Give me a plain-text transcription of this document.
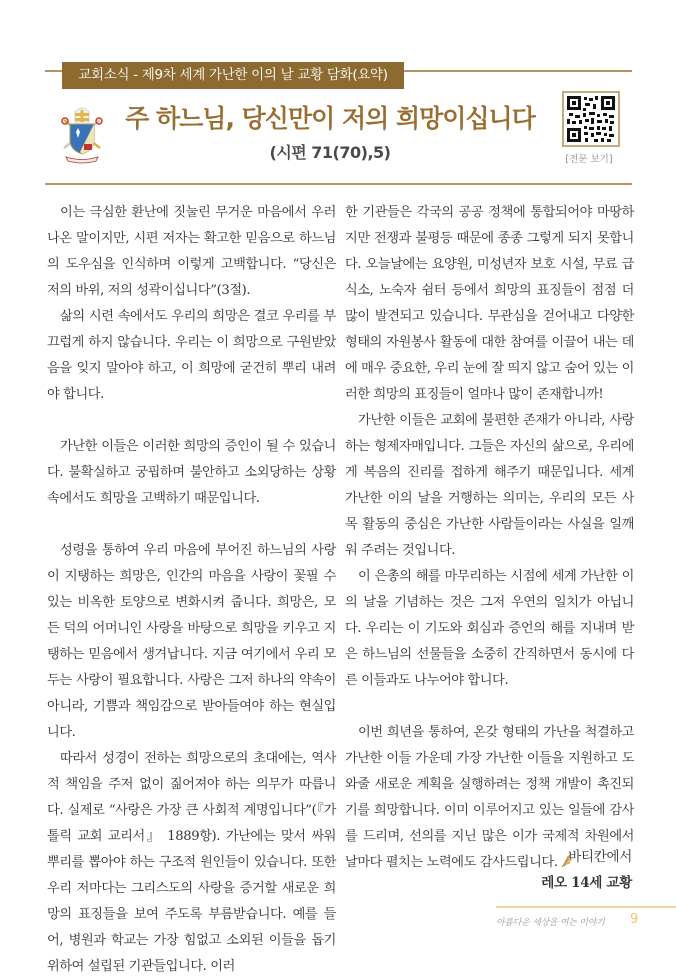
교회소식 - 제9차 세계 가난한 이의 날 교황 담화(요약)
주 하느님, 당신만이 저의 희망이십니다
(시편 71(70),5)	[전문 보기]

이는 극심한 환난에 짓눌린 무거운 마음에서 우러나온 말이지만, 시편 저자는 확고한 믿음으로 하느님의 도우심을 인식하며 이렇게 고백합니다. “당신은 저의 바위, 저의 성곽이십니다”(3절).

삶의 시련 속에서도 우리의 희망은 결코 우리를 부끄럽게 하지 않습니다. 우리는 이 희망으로 구원받았음을 잊지 말아야 하고, 이 희망에 굳건히 뿌리 내려야 합니다.

가난한 이들은 이러한 희망의 증인이 될 수 있습니다. 불확실하고 궁핍하며 불안하고 소외당하는 상황 속에서도 희망을 고백하기 때문입니다.

성령을 통하여 우리 마음에 부어진 하느님의 사랑이 지탱하는 희망은, 인간의 마음을 사랑이 꽃필 수 있는 비옥한 토양으로 변화시켜 줍니다. 희망은, 모든 덕의 어머니인 사랑을 바탕으로 희망을 키우고 지탱하는 믿음에서 생겨납니다. 지금 여기에서 우리 모두는 사랑이 필요합니다. 사랑은 그저 하나의 약속이 아니라, 기쁨과 책임감으로 받아들여야 하는 현실입니다.

따라서 성경이 전하는 희망으로의 초대에는, 역사적 책임을 주저 없이 짊어져야 하는 의무가 따릅니다. 실제로 “사랑은 가장 큰 사회적 계명입니다”(『가톨릭 교회 교리서』 1889항). 가난에는 맞서 싸워 뿌리를 뽑아야 하는 구조적 원인들이 있습니다. 또한 우리 저마다는 그리스도의 사랑을 증거할 새로운 희망의 표징들을 보여 주도록 부름받습니다. 예를 들어, 병원과 학교는 가장 힘없고 소외된 이들을 돕기 위하여 설립된 기관들입니다. 이러

한 기관들은 각국의 공공 정책에 통합되어야 마땅하지만 전쟁과 불평등 때문에 종종 그렇게 되지 못합니다. 오늘날에는 요양원, 미성년자 보호 시설, 무료 급식소, 노숙자 쉼터 등에서 희망의 표징들이 점점 더 많이 발견되고 있습니다. 무관심을 걷어내고 다양한 형태의 자원봉사 활동에 대한 참여를 이끌어 내는 데에 매우 중요한, 우리 눈에 잘 띄지 않고 숨어 있는 이러한 희망의 표징들이 얼마나 많이 존재합니까!

가난한 이들은 교회에 불편한 존재가 아니라, 사랑하는 형제자매입니다. 그들은 자신의 삶으로, 우리에게 복음의 진리를 접하게 해주기 때문입니다. 세계 가난한 이의 날을 거행하는 의미는, 우리의 모든 사목 활동의 중심은 가난한 사람들이라는 사실을 일깨워 주려는 것입니다.

이 은총의 해를 마무리하는 시점에 세계 가난한 이의 날을 기념하는 것은 그저 우연의 일치가 아닙니다. 우리는 이 기도와 회심과 증언의 해를 지내며 받은 하느님의 선물들을 소중히 간직하면서 동시에 다른 이들과도 나누어야 합니다.

이번 희년을 통하여, 온갖 형태의 가난을 척결하고 가난한 이들 가운데 가장 가난한 이들을 지원하고 도와줄 새로운 계획을 실행하려는 정책 개발이 촉진되기를 희망합니다. 이미 이루어지고 있는 일들에 감사를 드리며, 선의를 지닌 많은 이가 국제적 차원에서 날마다 펼치는 노력에도 감사드립니다. 바티칸에서
레오 14세 교황
아름다운 세상을 여는 이야기 9
